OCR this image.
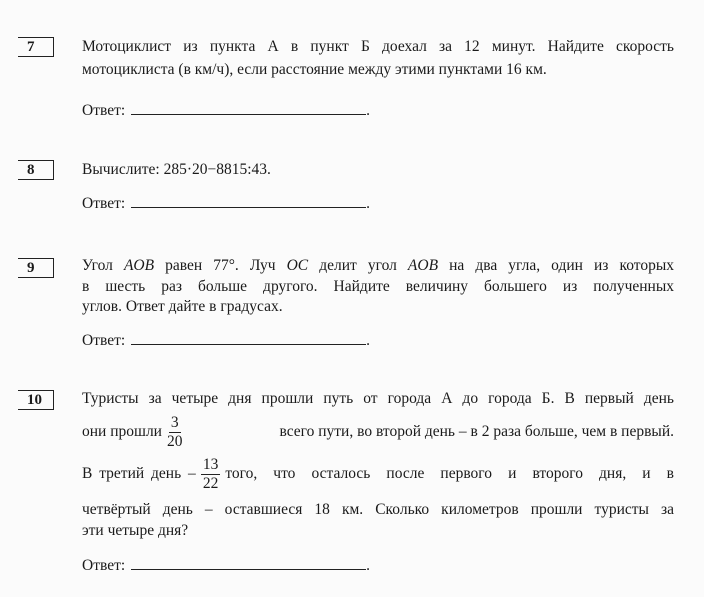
7	Мотоциклист из пункта А в пункт Б доехал за 12 минут. Найдите скорость
мотоциклиста (в км/ч), если расстояние между этими пунктами 16 км.
Ответ:	.
8	Вычислите: 285·20−8815:43.
Ответ:	.
9	Угол AOB равен 77°. Луч OC делит угол AOB на два угла, один из которых
в шесть раз больше другого. Найдите величину большего из полученных
углов. Ответ дайте в градусах.
Ответ:	.
10	Туристы за четыре дня прошли путь от города А до города Б. В первый день
они прошли $\frac{3}{20}$	всего пути, во второй день – в 2 раза больше, чем в первый.
В третий день – $\frac{13}{22}$ того, что осталось после первого и второго дня, и в
четвёртый день – оставшиеся 18 км. Сколько километров прошли туристы за
эти четыре дня?
Ответ:	.
